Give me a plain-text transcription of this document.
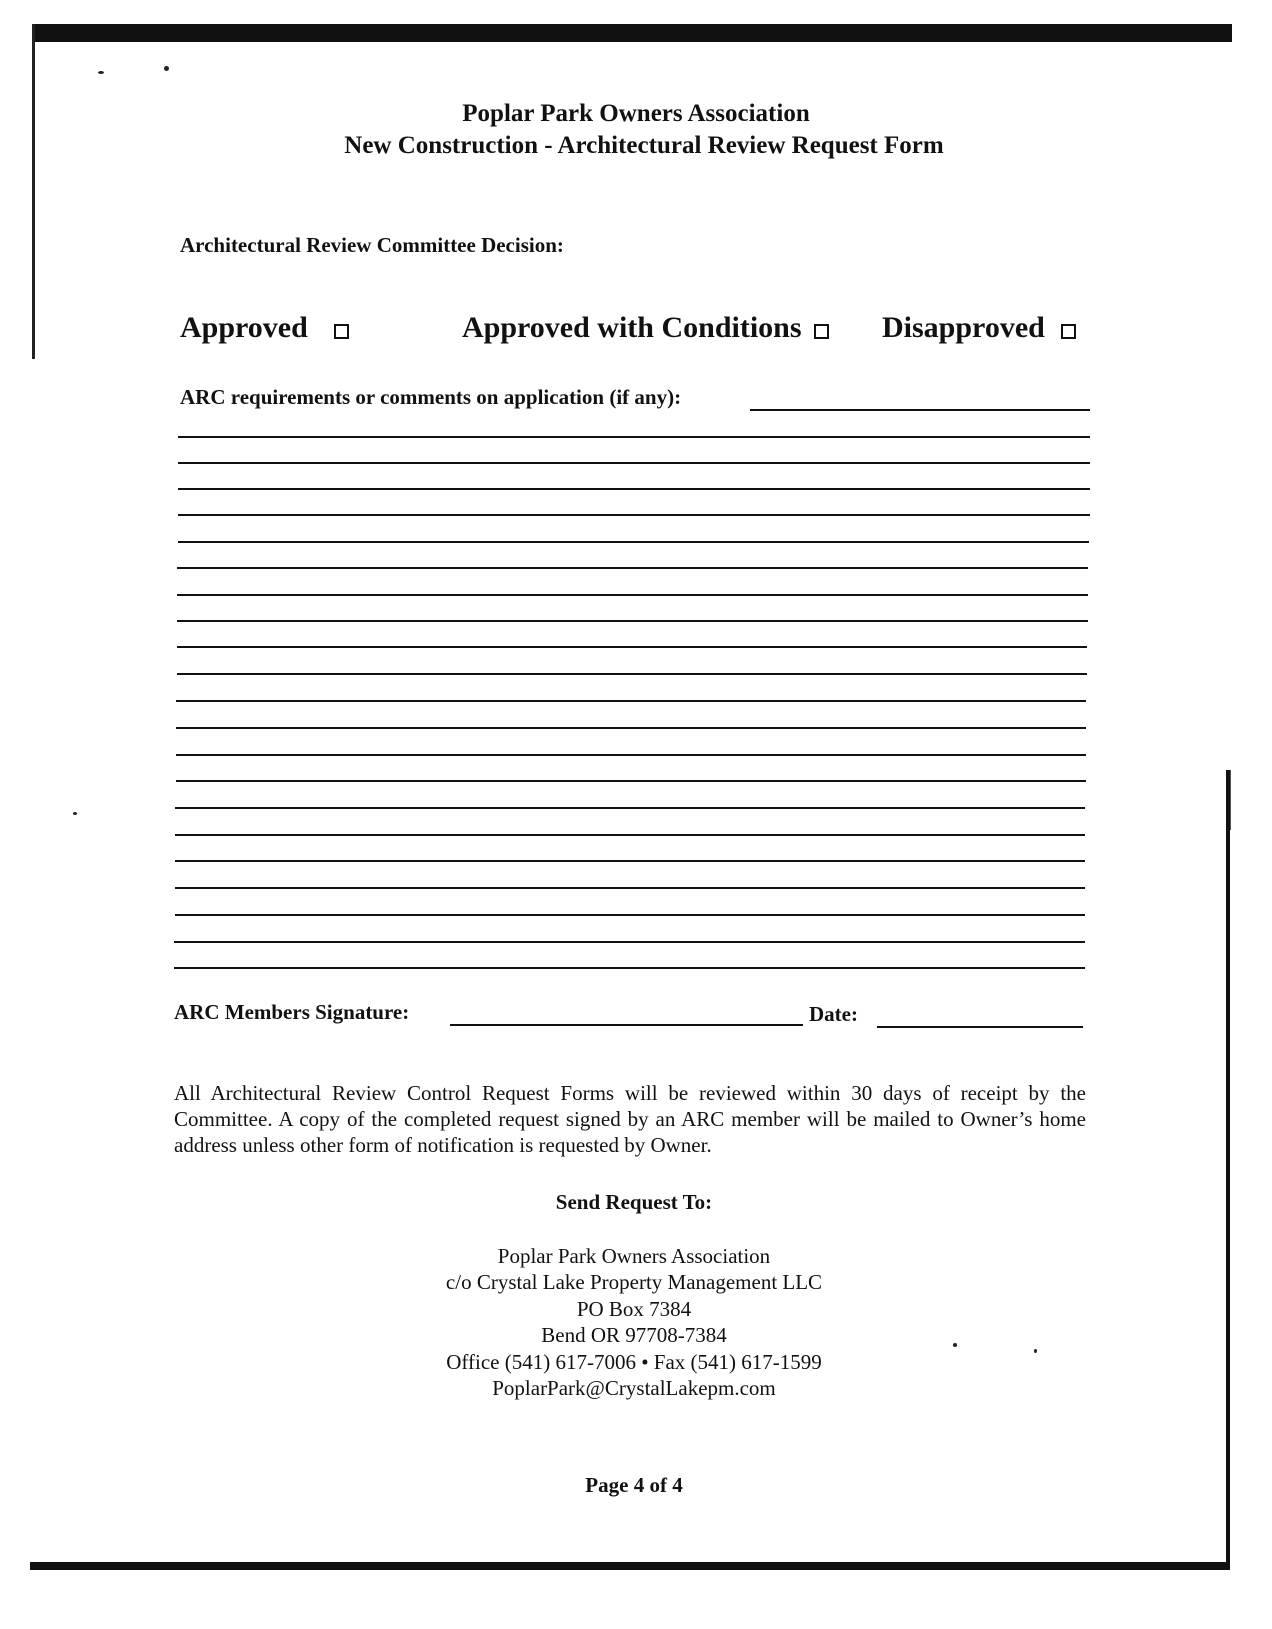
Poplar Park Owners Association
New Construction - Architectural Review Request Form
Architectural Review Committee Decision:
Approved	Approved with Conditions	Disapproved
ARC requirements or comments on application (if any):
ARC Members Signature:	Date:
All Architectural Review Control Request Forms will be reviewed within 30 days of receipt by the Committee. A copy of the completed request signed by an ARC member will be mailed to Owner’s home address unless other form of notification is requested by Owner.
Send Request To:
Poplar Park Owners Association
c/o Crystal Lake Property Management LLC
PO Box 7384
Bend OR 97708-7384
Office (541) 617-7006 • Fax (541) 617-1599
PoplarPark@CrystalLakepm.com
Page 4 of 4
